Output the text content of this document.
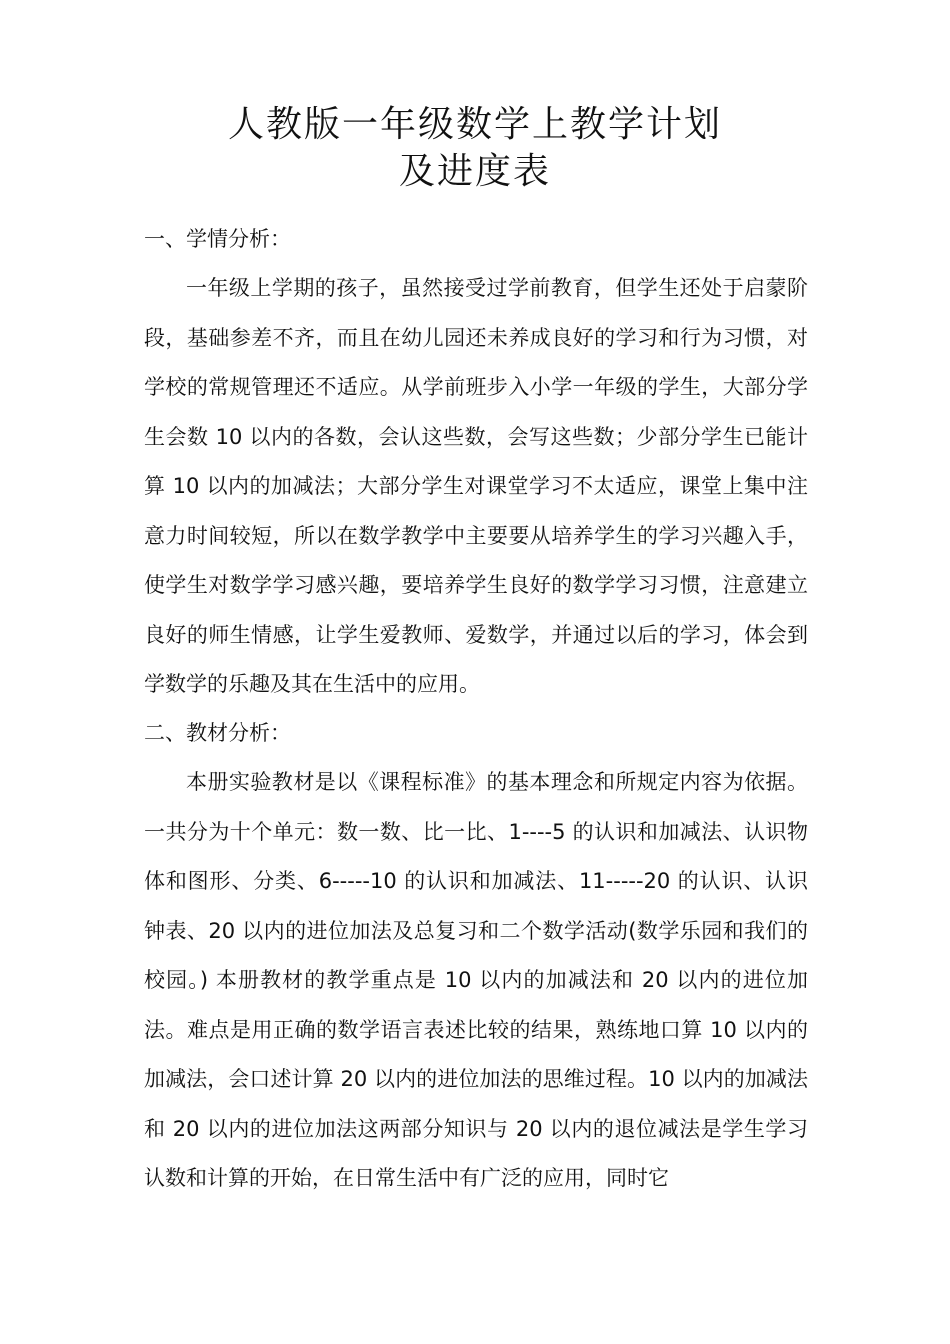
人教版一年级数学上教学计划
及进度表
一、学情分析：

一年级上学期的孩子，虽然接受过学前教育，但学生还处于启蒙阶段，基础参差不齐，而且在幼儿园还未养成良好的学习和行为习惯，对学校的常规管理还不适应。从学前班步入小学一年级的学生，大部分学生会数 10 以内的各数，会认这些数，会写这些数；少部分学生已能计算 10 以内的加减法；大部分学生对课堂学习不太适应，课堂上集中注意力时间较短，所以在数学教学中主要要从培养学生的学习兴趣入手，使学生对数学学习感兴趣，要培养学生良好的数学学习习惯，注意建立良好的师生情感，让学生爱教师、爱数学，并通过以后的学习，体会到学数学的乐趣及其在生活中的应用。

二、教材分析：

本册实验教材是以《课程标准》的基本理念和所规定内容为依据。一共分为十个单元：数一数、比一比、1----5 的认识和加减法、认识物体和图形、分类、6-----10 的认识和加减法、11-----20 的认识、认识钟表、20 以内的进位加法及总复习和二个数学活动(数学乐园和我们的校园。) 本册教材的教学重点是 10 以内的加减法和 20 以内的进位加法。难点是用正确的数学语言表述比较的结果，熟练地口算 10 以内的加减法，会口述计算 20 以内的进位加法的思维过程。10 以内的加减法和 20 以内的进位加法这两部分知识与 20 以内的退位减法是学生学习认数和计算的开始，在日常生活中有广泛的应用，同时它
